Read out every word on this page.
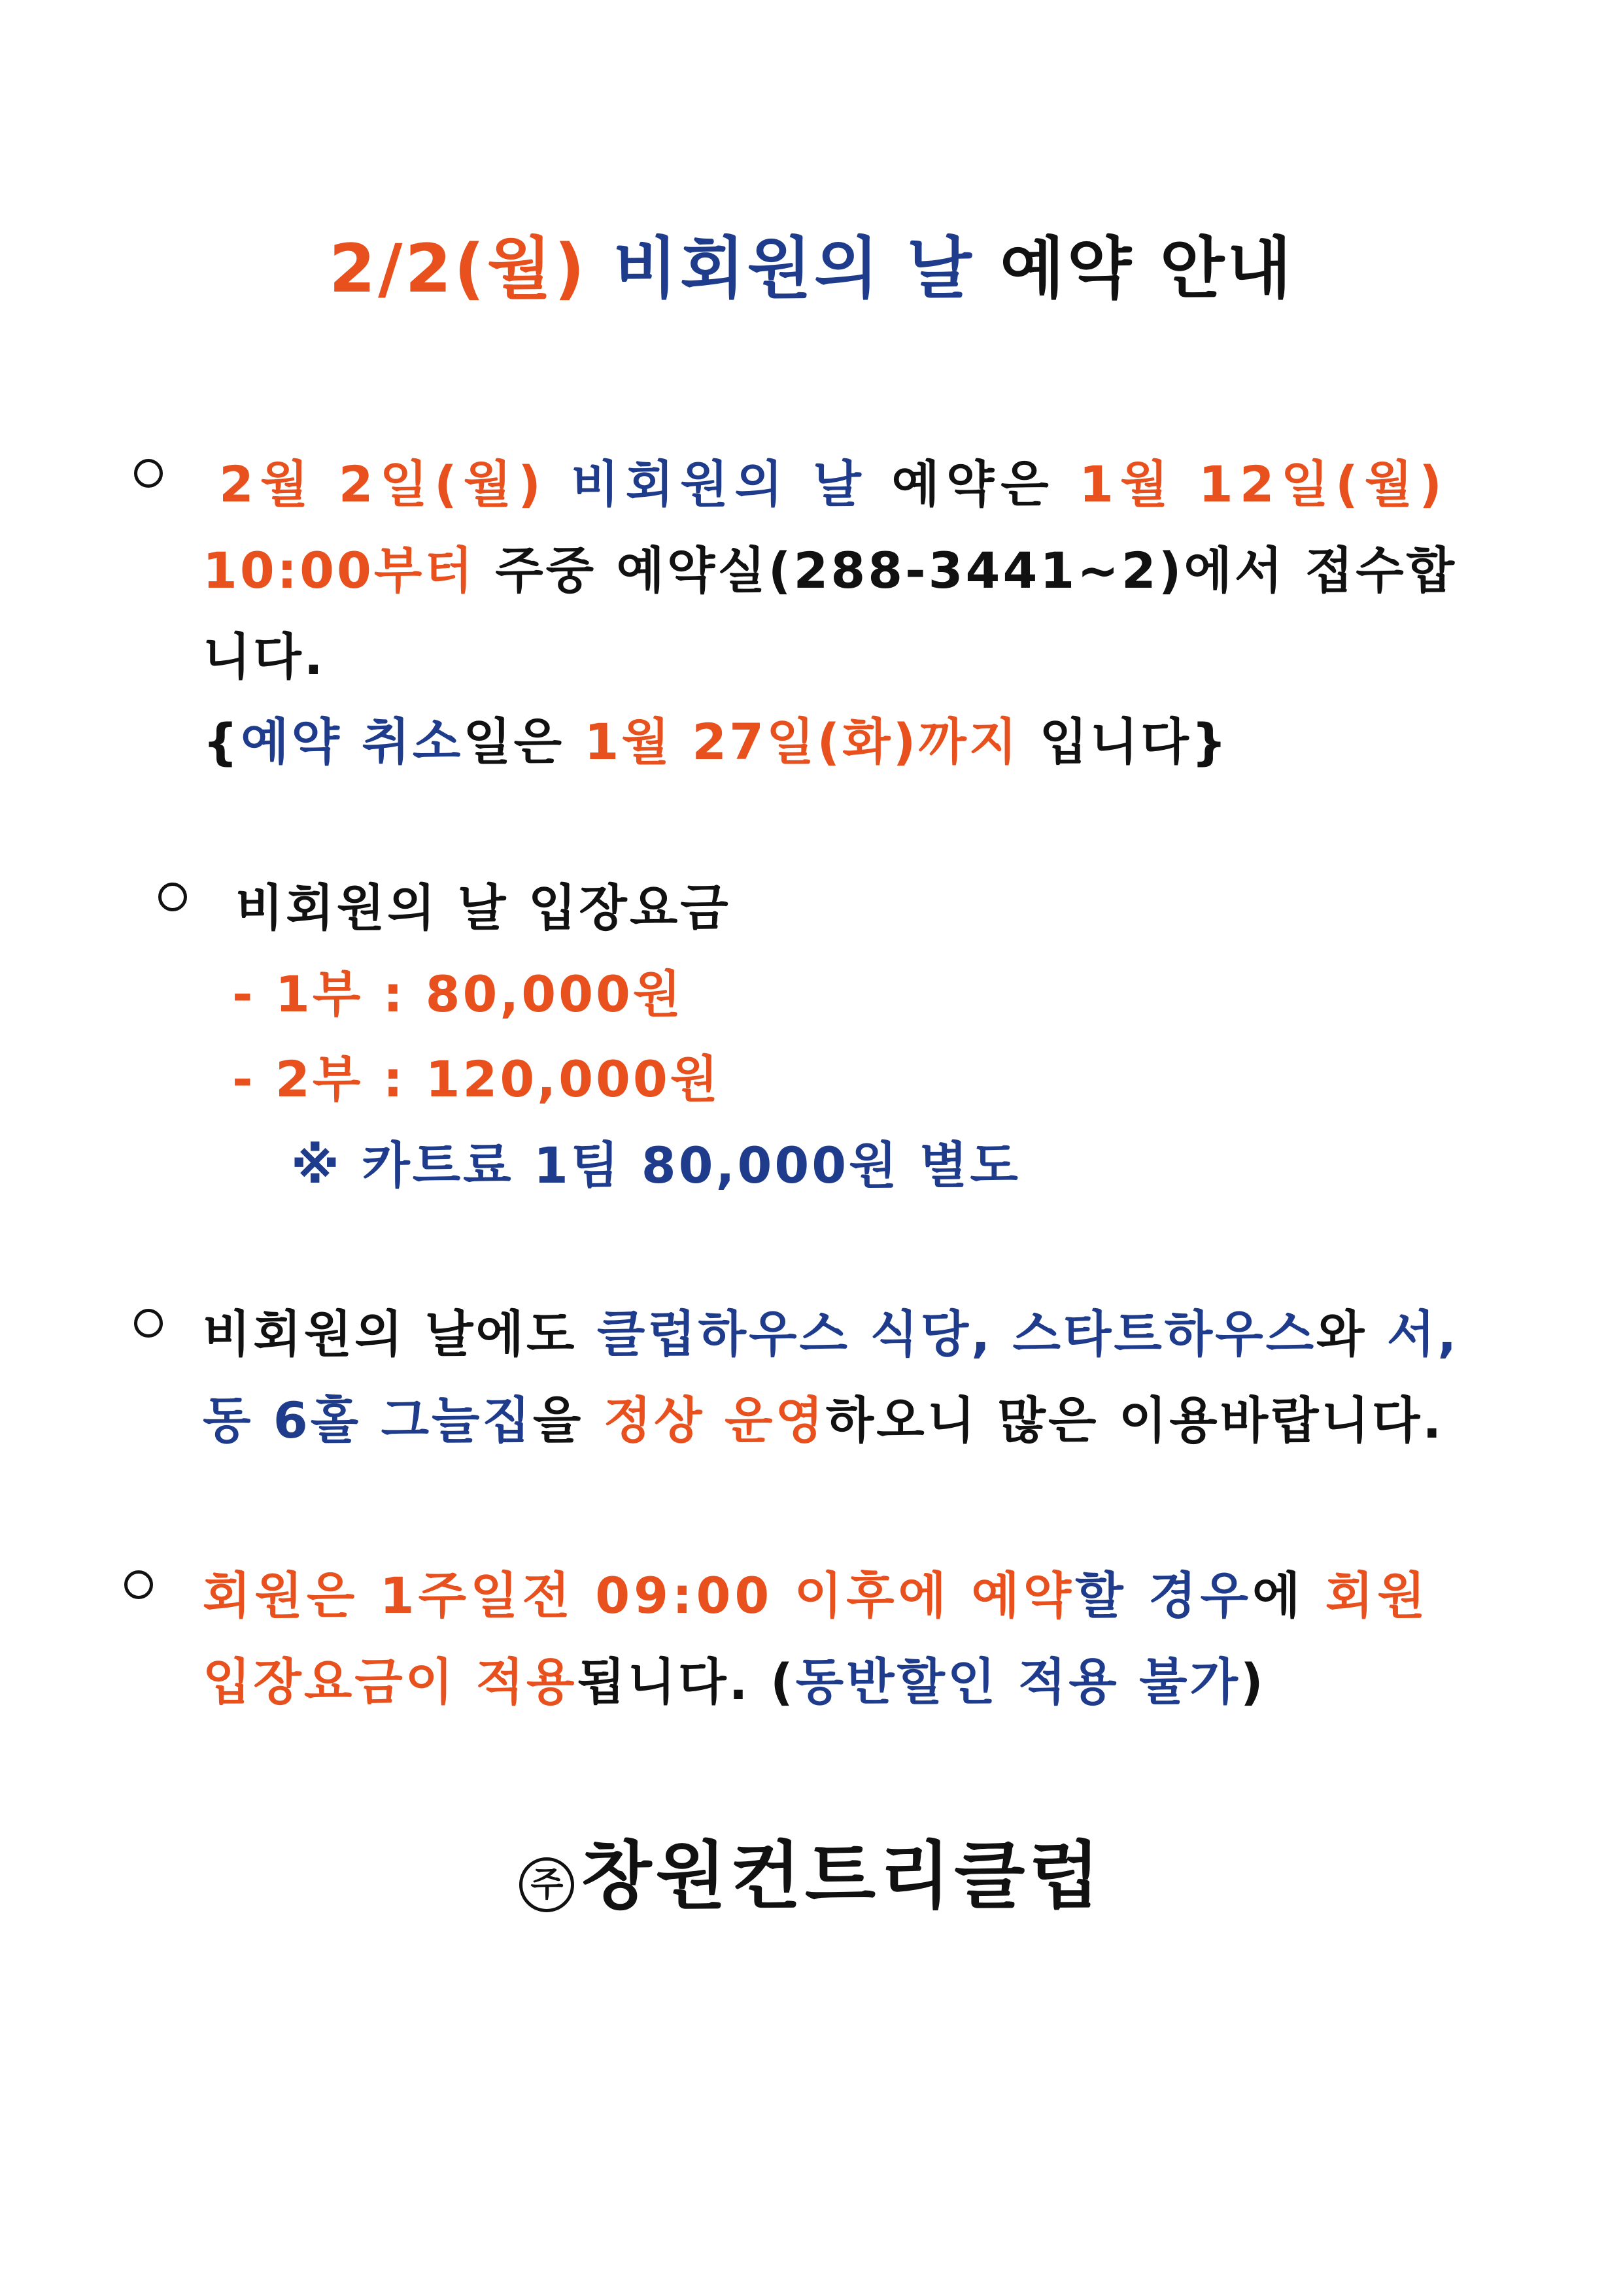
2/2(월) 비회원의 날 예약 안내
2월 2일(월) 비회원의 날 예약은 1월 12일(월)
10:00부터 주중 예약실(288-3441~2)에서 접수합
니다.
{예약 취소일은 1월 27일(화)까지 입니다}
비회원의 날 입장요금
- 1부 : 80,000원
- 2부 : 120,000원
※ 카트료 1팀 80,000원 별도
비회원의 날에도 클럽하우스 식당, 스타트하우스와 서,
동 6홀 그늘집을 정상 운영하오니 많은 이용바랍니다.
회원은 1주일전 09:00 이후에 예약할 경우에 회원
입장요금이 적용됩니다. (동반할인 적용 불가)
주 창원컨트리클럽
